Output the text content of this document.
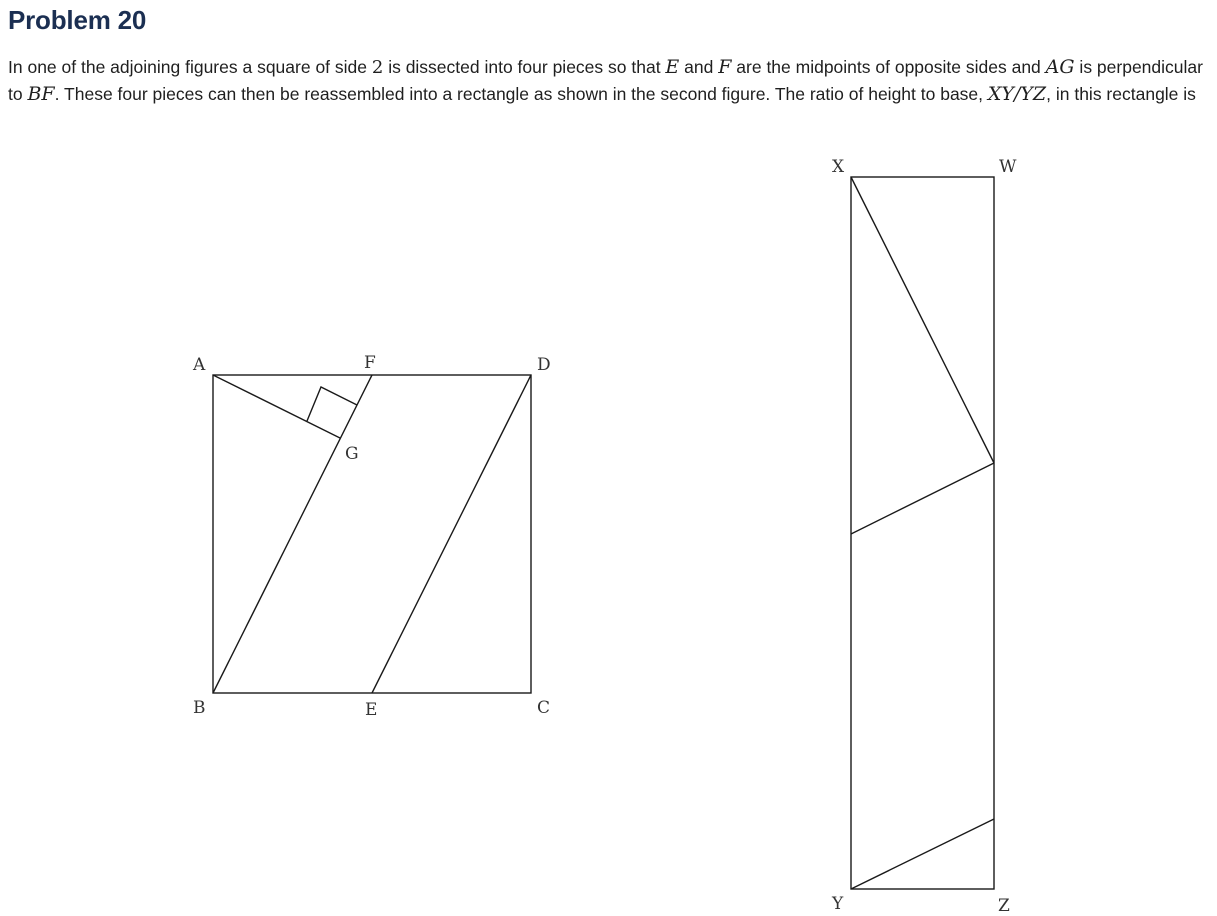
Problem 20

In one of the adjoining figures a square of side 2 is dissected into four pieces so that E and F are the midpoints of opposite sides and AG is perpendicular to BF. These four pieces can then be reassembled into a rectangle as shown in the second figure. The ratio of height to base, XY/YZ, in this rectangle is

A	F	D
G
B	E	C
X	W
Y	Z
